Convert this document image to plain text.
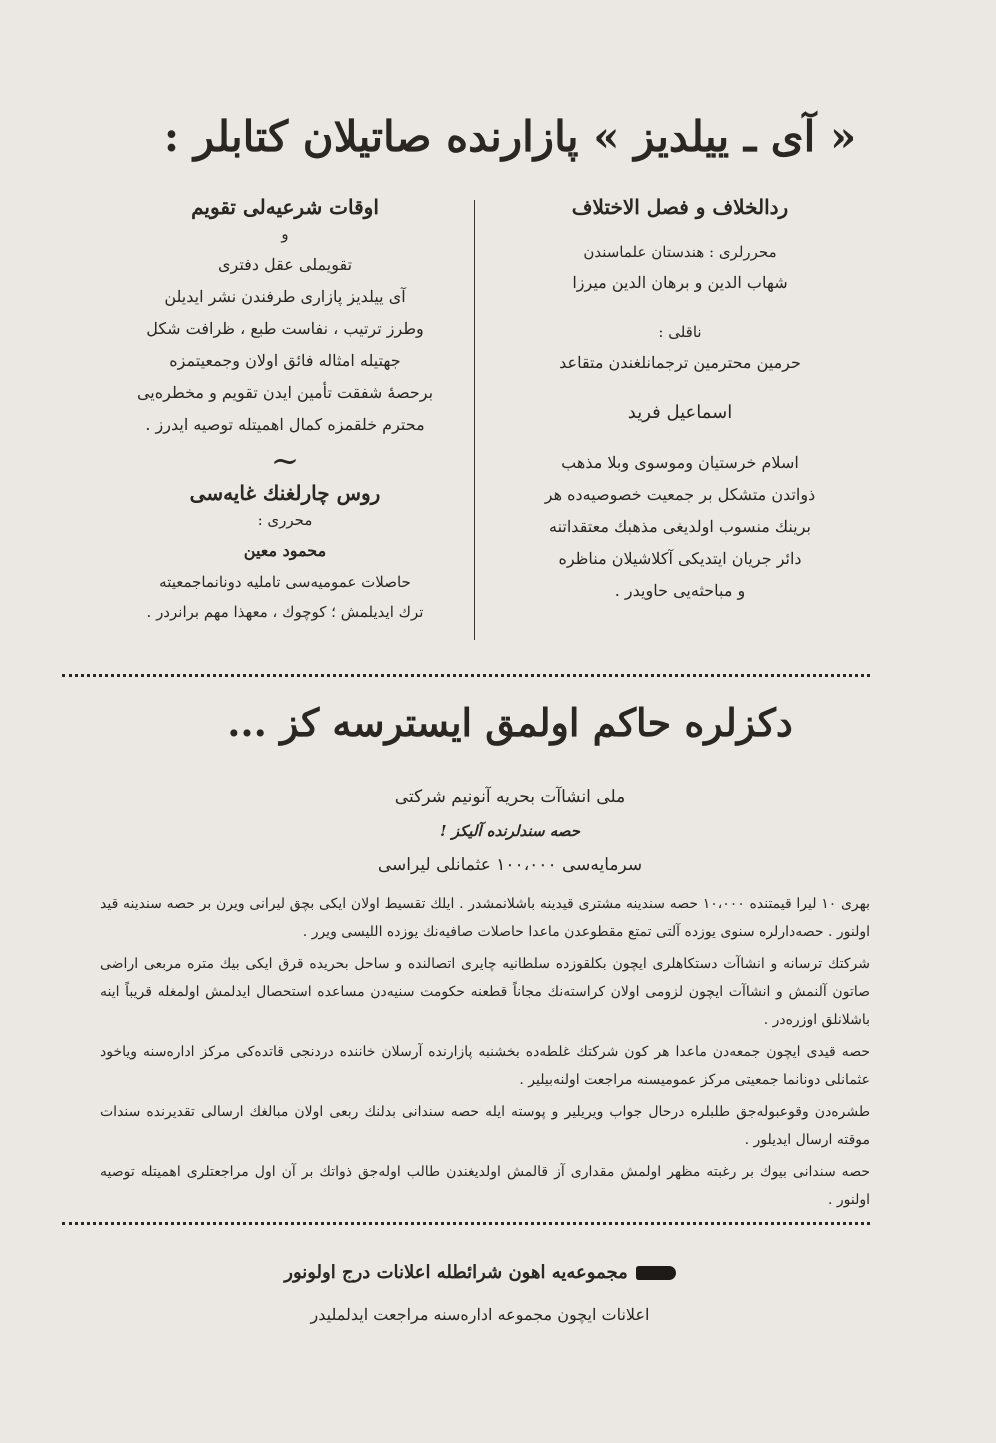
« آی ـ ییلدیز » پازارنده صاتیلان کتابلر :

ردالخلاف و فصل الاختلاف

محررلری : هندستان علماسندن

شهاب الدین و برهان الدین میرزا

ناقلی :

حرمین محترمین ترجمانلغندن متقاعد

اسماعیل فرید

اسلام خرستیان وموسوی وبلا مذهب

ذواتدن متشکل بر جمعیت خصوصیه‌ده هر

برینك منسوب اولدیغی مذهبك معتقداتنه

دائر جریان ایتدیکی آکلاشیلان مناظره

و مباحثه‌یی حاویدر .

اوقات شرعیه‌لی تقویم

و

تقویملی عقل دفتری

آی ییلدیز پازاری طرفندن نشر ایدیلن

وطرز ترتیب ، نفاست طبع ، ظرافت شکل

جهتیله امثاله فائق اولان وجمعیتمزه

برحصهٔ شفقت تأمین ایدن تقویم و مخطره‌یی

محترم خلقمزه کمال اهمیتله توصیه ایدرز .

~

روس چارلغنك غایه‌سی

محرری :

محمود معین

حاصلات عمومیه‌سی تاملیه دونانماجمعیته

ترك ایدیلمش ؛ کوچوك ، معهذا مهم برانردر .

دکزلره حاکم اولمق ایسترسه کز ...
ملی انشاآت بحریه آنونیم شرکتی
حصه سندلرنده آلیکز !
سرمایه‌سی ۱۰۰،۰۰۰ عثمانلی لیراسی

بهری ۱۰ لیرا قیمتنده ۱۰،۰۰۰ حصه سندینه مشتری قیدینه باشلانمشدر . ایلك تقسیط اولان ایکی بچق لیرانی ویرن بر حصه سندینه قید اولنور . حصه‌دارلره سنوی یوزده آلتی تمتع مقطوعدن ماعدا حاصلات صافیه‌نك یوزده اللیسی ویرر .

شرکتك ترسانه و انشاآت دستکاهلری ایچون بکلقوزده سلطانیه چایری اتصالنده و ساحل بحریده قرق ایکی بیك متره مربعی اراضی صاتون آلنمش و انشاآت ایچون لزومی اولان کراسته‌نك مجاناً قطعنه حکومت سنیه‌دن مساعده استحصال ایدلمش اولمغله قریباً اینه باشلانلق اوزره‌در .

حصه قیدی ایچون جمعه‌دن ماعدا هر کون شرکتك غلطه‌ده بخشنبه پازارنده آرسلان خاننده دردنجی قاتده‌کی مرکز اداره‌سنه ویاخود عثمانلی دونانما جمعیتی مرکز عمومیسنه مراجعت اولنه‌بیلیر .

طشره‌دن وقوعبوله‌جق طلبلره درحال جواب ویریلیر و پوسته ایله حصه سندانی بدلنك ربعی اولان مبالغك ارسالی تقدیرنده سندات موقته ارسال ایدیلور .

حصه سندانی بیوك بر رغبته مظهر اولمش مقداری آز قالمش اولدیغندن طالب اوله‌جق ذواتك بر آن اول مراجعتلری اهمیتله توصیه اولنور .

مجموعه‌یه اهون شرائطله اعلانات درج اولونور
اعلانات ایچون مجموعه اداره‌سنه مراجعت ایدلملیدر
